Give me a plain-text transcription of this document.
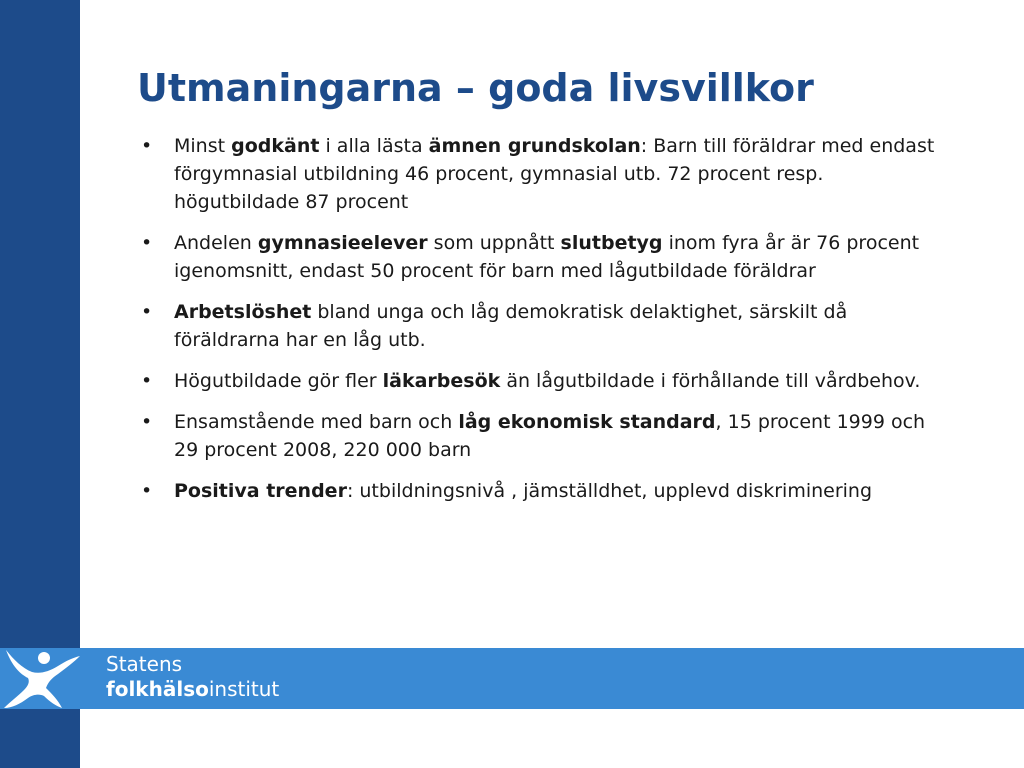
Statens
folkhälsoinstitut
Utmaningarna – goda livsvillkor
•	Minst godkänt i alla lästa ämnen grundskolan: Barn till föräldrar med endast förgymnasial utbildning 46 procent, gymnasial utb. 72 procent resp. högutbildade 87 procent
•	Andelen gymnasieelever som uppnått slutbetyg inom fyra år är 76 procent igenomsnitt, endast 50 procent för barn med lågutbildade föräldrar
•	Arbetslöshet bland unga och låg demokratisk delaktighet, särskilt då föräldrarna har en låg utb.
•	Högutbildade gör fler läkarbesök än lågutbildade i förhållande till vårdbehov.
•	Ensamstående med barn och låg ekonomisk standard, 15 procent 1999 och 29 procent 2008, 220 000 barn
•	Positiva trender: utbildningsnivå , jämställdhet, upplevd diskriminering
